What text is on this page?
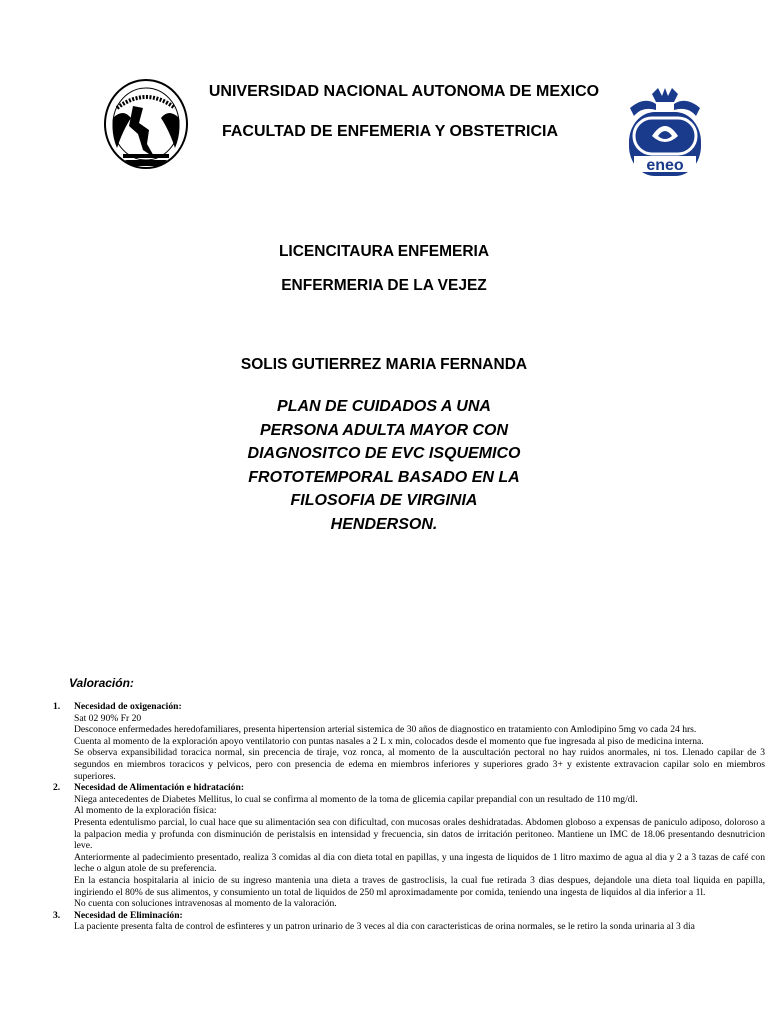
UNIVERSIDAD NACIONAL AUTONOMA DE MEXICO
FACULTAD DE ENFEMERIA Y OBSTETRICIA
eneo
LICENCITAURA ENFEMERIA
ENFERMERIA DE LA VEJEZ
SOLIS GUTIERREZ MARIA FERNANDA
PLAN DE CUIDADOS A UNA
PERSONA ADULTA MAYOR CON
DIAGNOSITCO DE EVC ISQUEMICO
FROTOTEMPORAL BASADO EN LA
FILOSOFIA DE VIRGINIA
HENDERSON.
Valoración:
1. Necesidad de oxigenación:
Sat 02 90% Fr 20
Desconoce enfermedades heredofamiliares, presenta hipertension arterial sistemica de 30 años de diagnostico en tratamiento con Amlodipino 5mg vo cada 24 hrs.
Cuenta al momento de la exploración apoyo ventilatorio con puntas nasales a 2 L x min, colocados desde el momento que fue ingresada al piso de medicina interna.
Se observa expansibilidad toracica normal, sin precencia de tiraje, voz ronca, al momento de la auscultación pectoral no hay ruidos anormales, ni tos. Llenado capilar de 3 segundos en miembros toracicos y pelvicos, pero con presencia de edema en miembros inferiores y superiores grado 3+ y existente extravacion capilar solo en miembros superiores.
2. Necesidad de Alimentación e hidratación:
Niega antecedentes de Diabetes Mellitus, lo cual se confirma al momento de la toma de glicemia capilar prepandial con un resultado de 110 mg/dl.
Al momento de la exploración física:
Presenta edentulismo parcial, lo cual hace que su alimentación sea con dificultad, con mucosas orales deshidratadas. Abdomen globoso a expensas de paniculo adiposo, doloroso a la palpacion media y profunda con disminución de peristalsis en intensidad y frecuencia, sin datos de irritación peritoneo. Mantiene un IMC de 18.06 presentando desnutricion leve.
Anteriormente al padecimiento presentado, realiza 3 comidas al dia con dieta total en papillas, y una ingesta de liquidos de 1 litro maximo de agua al dia y 2 a 3 tazas de café con leche o algun atole de su preferencia.
En la estancia hospitalaria al inicio de su ingreso mantenia una dieta a traves de gastroclisis, la cual fue retirada 3 dias despues, dejandole una dieta toal liquida en papilla, ingiriendo el 80% de sus alimentos, y consumiento un total de liquidos de 250 ml aproximadamente por comida, teniendo una ingesta de liquidos al dia inferior a 1l.
No cuenta con soluciones intravenosas al momento de la valoración.
3. Necesidad de Eliminación:
La paciente presenta falta de control de esfinteres y un patron urinario de 3 veces al dia con caracteristicas de orina normales, se le retiro la sonda urinaria al 3 dia
